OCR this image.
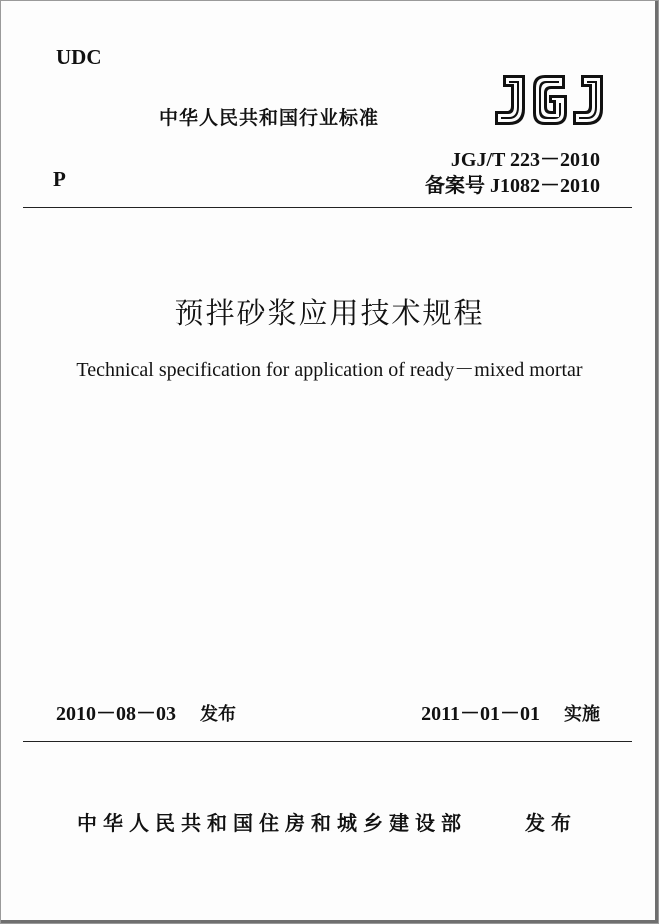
UDC
中华人民共和国行业标准
P
JGJ/T 223－2010
备案号 J1082－2010
预拌砂浆应用技术规程
Technical specification for application of ready－mixed mortar
2010－08－03 发布	2011－01－01 实施
中华人民共和国住房和城乡建设部	发布
